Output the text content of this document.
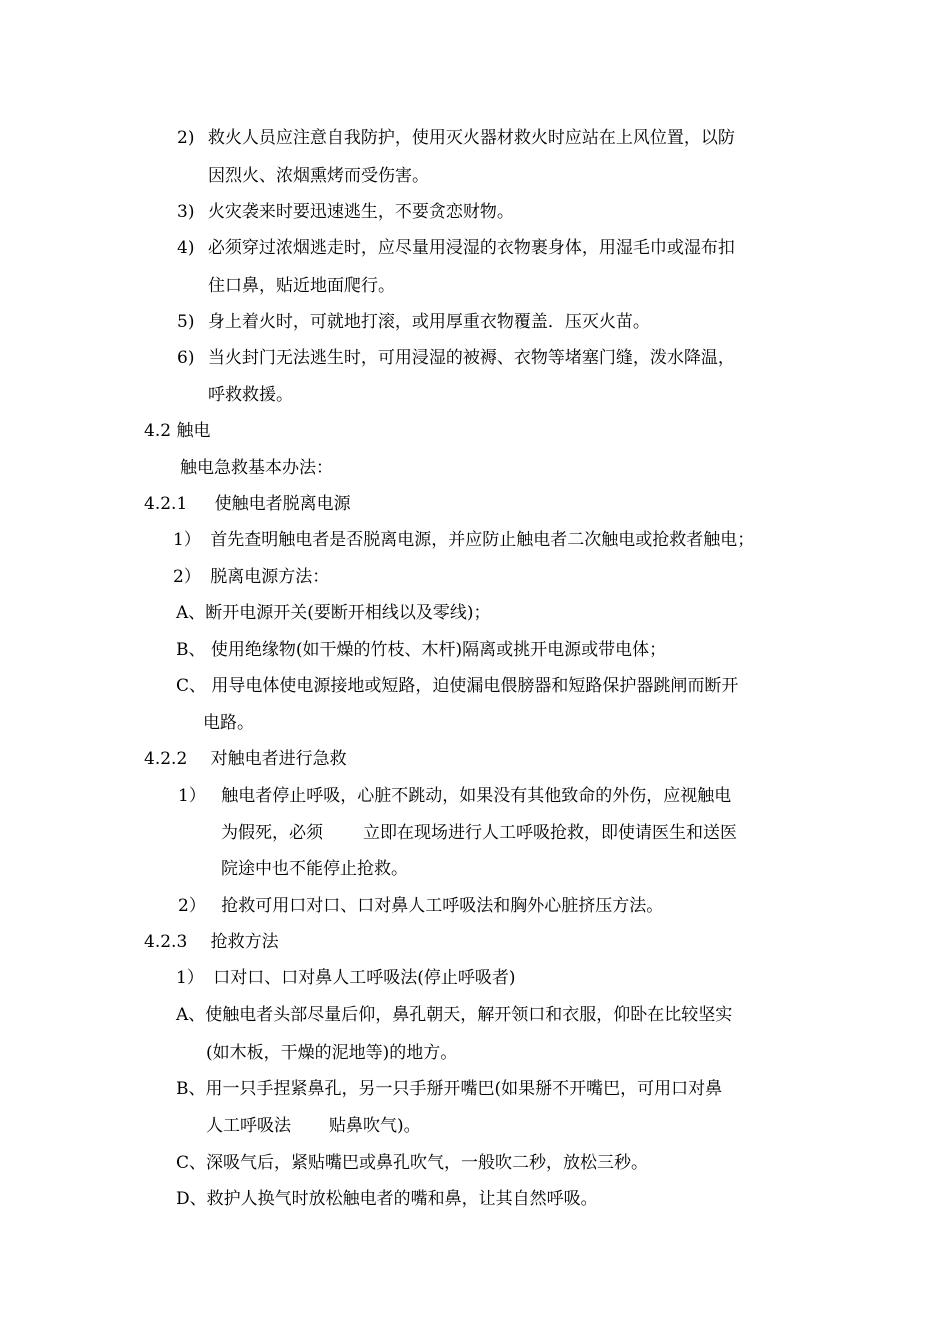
2) 救火人员应注意自我防护，使用灭火器材救火时应站在上风位置，以防
因烈火、浓烟熏烤而受伤害。
3) 火灾袭来时要迅速逃生，不要贪恋财物。
4) 必须穿过浓烟逃走时，应尽量用浸湿的衣物裹身体，用湿毛巾或湿布扣
住口鼻，贴近地面爬行。
5) 身上着火时，可就地打滚，或用厚重衣物覆盖．压灭火苗。
6) 当火封门无法逃生时，可用浸湿的被褥、衣物等堵塞门缝，泼水降温，
呼救救援。
4.2 触电
触电急救基本办法：
4.2.1 使触电者脱离电源
1） 首先查明触电者是否脱离电源，并应防止触电者二次触电或抢救者触电；
2） 脱离电源方法：
A、断开电源开关(要断开相线以及零线)；
B、 使用绝缘物(如干燥的竹枝、木杆)隔离或挑开电源或带电体；
C、 用导电体使电源接地或短路，迫使漏电偎膀器和短路保护器跳闸而断开
电路。
4.2.2 对触电者进行急救
1） 触电者停止呼吸，心脏不跳动，如果没有其他致命的外伤，应视触电
为假死，必须 立即在现场进行人工呼吸抢救，即使请医生和送医
院途中也不能停止抢救。
2） 抢救可用口对口、口对鼻人工呼吸法和胸外心脏挤压方法。
4.2.3 抢救方法
1） 口对口、口对鼻人工呼吸法(停止呼吸者)
A、使触电者头部尽量后仰，鼻孔朝天，解开领口和衣服，仰卧在比较坚实
(如木板，干燥的泥地等)的地方。
B、用一只手捏紧鼻孔，另一只手掰开嘴巴(如果掰不开嘴巴，可用口对鼻
人工呼吸法 贴鼻吹气)。
C、深吸气后，紧贴嘴巴或鼻孔吹气，一般吹二秒，放松三秒。
D、救护人换气时放松触电者的嘴和鼻，让其自然呼吸。
